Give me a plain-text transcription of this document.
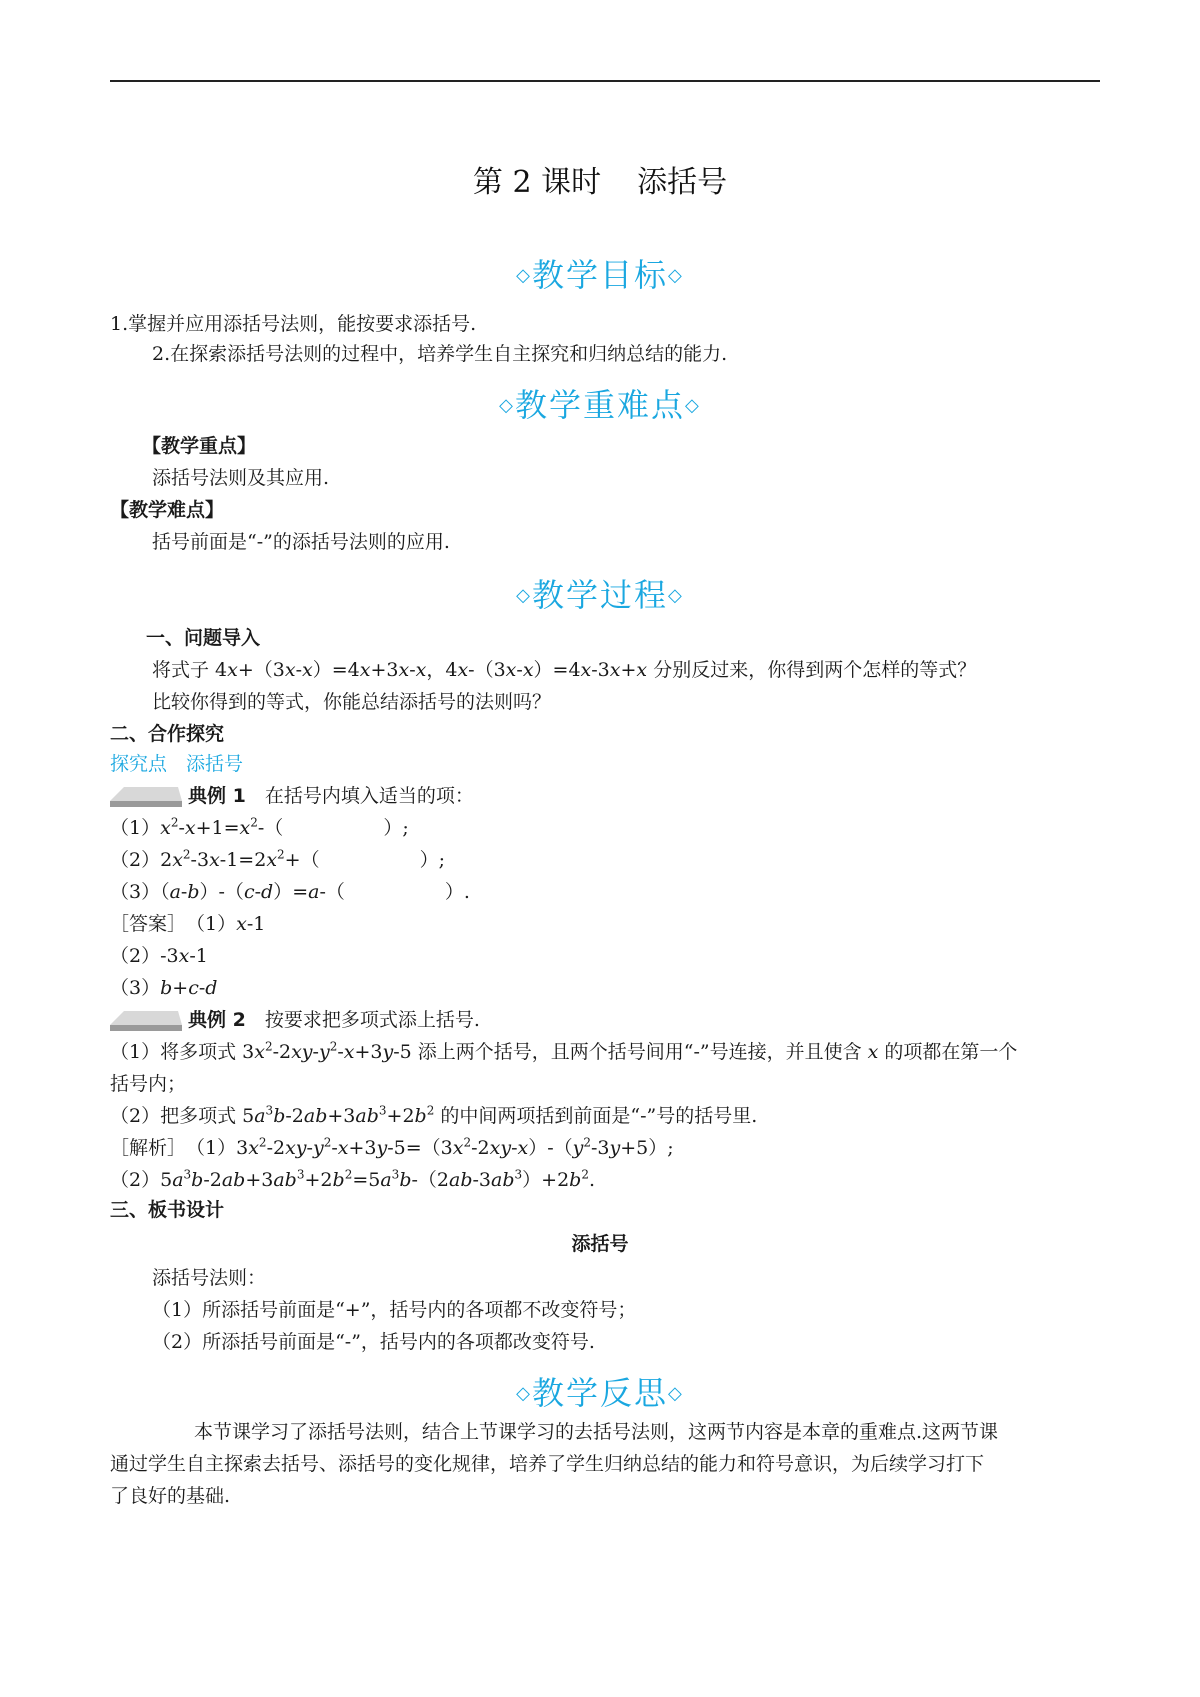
第 2 课时 添括号
◇教学目标◇
1.掌握并应用添括号法则，能按要求添括号.
2.在探索添括号法则的过程中，培养学生自主探究和归纳总结的能力.
◇教学重难点◇
【教学重点】
添括号法则及其应用.
【教学难点】
括号前面是“-”的添括号法则的应用.
◇教学过程◇
一、问题导入
将式子 4x+（3x-x）=4x+3x-x，4x-（3x-x）=4x-3x+x 分别反过来，你得到两个怎样的等式？
比较你得到的等式，你能总结添括号的法则吗？
二、合作探究
探究点　添括号
典例 1　 在括号内填入适当的项：
$(1)x^2-x+1=x^2-$（	）;
$(2)2x^2-3x-1=2x^2+$（	）;
（3）（a-b）-（c-d）=a-（	）.
［答案］　（1）x-1
（2）-3x-1
（3）b+c-d
典例 2　 按要求把多项式添上括号.
（1）将多项式 $3x^2-2xy-y^2-x+3y-5$ 添上两个括号，且两个括号间用“-”号连接，并且使含 x 的项都在第一个
括号内；
（2）把多项式 $5a^3b-2ab+3ab^3+2b^2$ 的中间两项括到前面是“-”号的括号里.
［解析］　$(1)3x^2-2xy-y^2-x+3y-5=(3x^2-2xy-x)-(y^2-3y+5)$;
$(2)5a^3b-2ab+3ab^3+2b^2=5a^3b-(2ab-3ab^3)+2b^2$.
三、板书设计
添括号
添括号法则：
（1）所添括号前面是“+”，括号内的各项都不改变符号；
（2）所添括号前面是“-”，括号内的各项都改变符号.
◇教学反思◇
本节课学习了添括号法则，结合上节课学习的去括号法则，这两节内容是本章的重难点.这两节课
通过学生自主探索去括号、添括号的变化规律，培养了学生归纳总结的能力和符号意识，为后续学习打下
了良好的基础.
